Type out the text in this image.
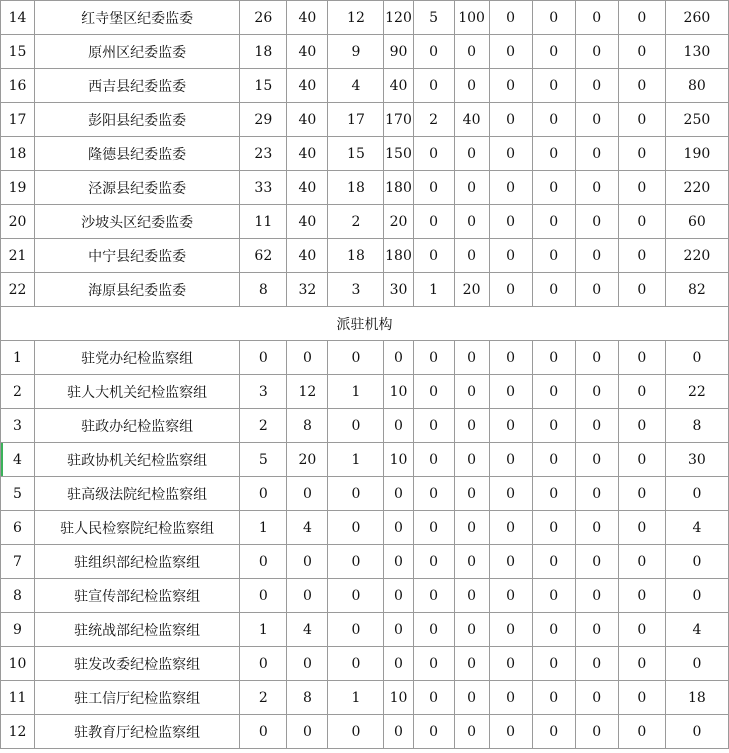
14	红寺堡区纪委监委	26	40	12	120	5	100	0	0	0	0	260
15	原州区纪委监委	18	40	9	90	0	0	0	0	0	0	130
16	西吉县纪委监委	15	40	4	40	0	0	0	0	0	0	80
17	彭阳县纪委监委	29	40	17	170	2	40	0	0	0	0	250
18	隆德县纪委监委	23	40	15	150	0	0	0	0	0	0	190
19	泾源县纪委监委	33	40	18	180	0	0	0	0	0	0	220
20	沙坡头区纪委监委	11	40	2	20	0	0	0	0	0	0	60
21	中宁县纪委监委	62	40	18	180	0	0	0	0	0	0	220
22	海原县纪委监委	8	32	3	30	1	20	0	0	0	0	82
派驻机构												
1	驻党办纪检监察组	0	0	0	0	0	0	0	0	0	0	0
2	驻人大机关纪检监察组	3	12	1	10	0	0	0	0	0	0	22
3	驻政办纪检监察组	2	8	0	0	0	0	0	0	0	0	8
4	驻政协机关纪检监察组	5	20	1	10	0	0	0	0	0	0	30
5	驻高级法院纪检监察组	0	0	0	0	0	0	0	0	0	0	0
6	驻人民检察院纪检监察组	1	4	0	0	0	0	0	0	0	0	4
7	驻组织部纪检监察组	0	0	0	0	0	0	0	0	0	0	0
8	驻宣传部纪检监察组	0	0	0	0	0	0	0	0	0	0	0
9	驻统战部纪检监察组	1	4	0	0	0	0	0	0	0	0	4
10	驻发改委纪检监察组	0	0	0	0	0	0	0	0	0	0	0
11	驻工信厅纪检监察组	2	8	1	10	0	0	0	0	0	0	18
12	驻教育厅纪检监察组	0	0	0	0	0	0	0	0	0	0	0
